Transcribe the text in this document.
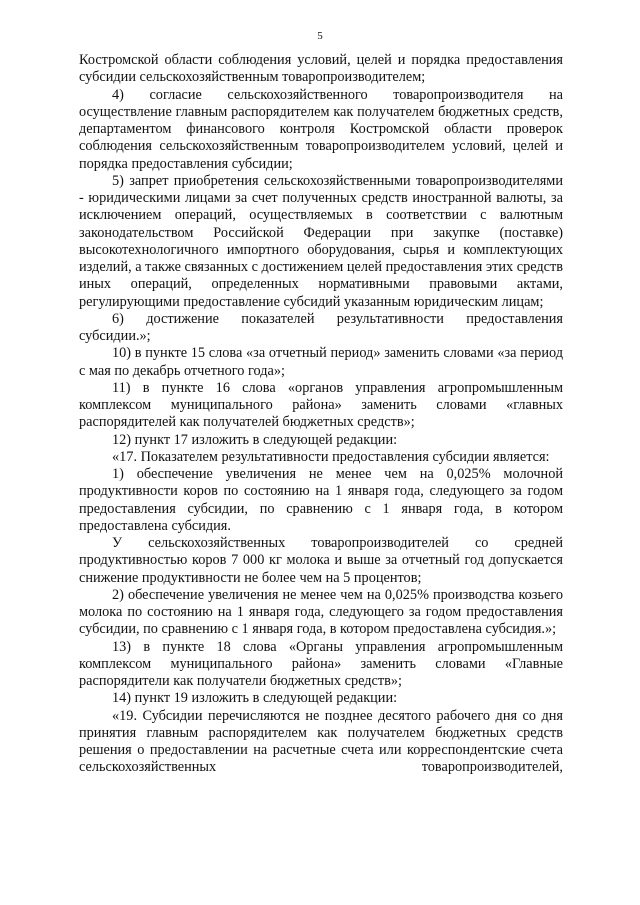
5

Костромской области соблюдения условий, целей и порядка предоставления субсидии сельскохозяйственным товаропроизводителем;

4) согласие сельскохозяйственного товаропроизводителя на осуществление главным распорядителем как получателем бюджетных средств, департаментом финансового контроля Костромской области проверок соблюдения сельскохозяйственным товаропроизводителем условий, целей и порядка предоставления субсидии;

5) запрет приобретения сельскохозяйственными товаропроизводителями - юридическими лицами за счет полученных средств иностранной валюты, за исключением операций, осуществляемых в соответствии с валютным законодательством Российской Федерации при закупке (поставке) высокотехнологичного импортного оборудования, сырья и комплектующих изделий, а также связанных с достижением целей предоставления этих средств иных операций, определенных нормативными правовыми актами, регулирующими предоставление субсидий указанным юридическим лицам;

6) достижение показателей результативности предоставления субсидии.»;

10) в пункте 15 слова «за отчетный период» заменить словами «за период с мая по декабрь отчетного года»;

11) в пункте 16 слова «органов управления агропромышленным комплексом муниципального района» заменить словами «главных распорядителей как получателей бюджетных средств»;

12) пункт 17 изложить в следующей редакции:

«17. Показателем результативности предоставления субсидии является:

1) обеспечение увеличения не менее чем на 0,025% молочной продуктивности коров по состоянию на 1 января года, следующего за годом предоставления субсидии, по сравнению с 1 января года, в котором предоставлена субсидия.

У сельскохозяйственных товаропроизводителей со средней продуктивностью коров 7 000 кг молока и выше за отчетный год допускается снижение продуктивности не более чем на 5 процентов;

2) обеспечение увеличения не менее чем на 0,025% производства козьего молока по состоянию на 1 января года, следующего за годом предоставления субсидии, по сравнению с 1 января года, в котором предоставлена субсидия.»;

13) в пункте 18 слова «Органы управления агропромышленным комплексом муниципального района» заменить словами «Главные распорядители как получатели бюджетных средств»;

14) пункт 19 изложить в следующей редакции:

«19. Субсидии перечисляются не позднее десятого рабочего дня со дня принятия главным распорядителем как получателем бюджетных средств решения о предоставлении на расчетные счета или корреспондентские счета сельскохозяйственных товаропроизводителей,
